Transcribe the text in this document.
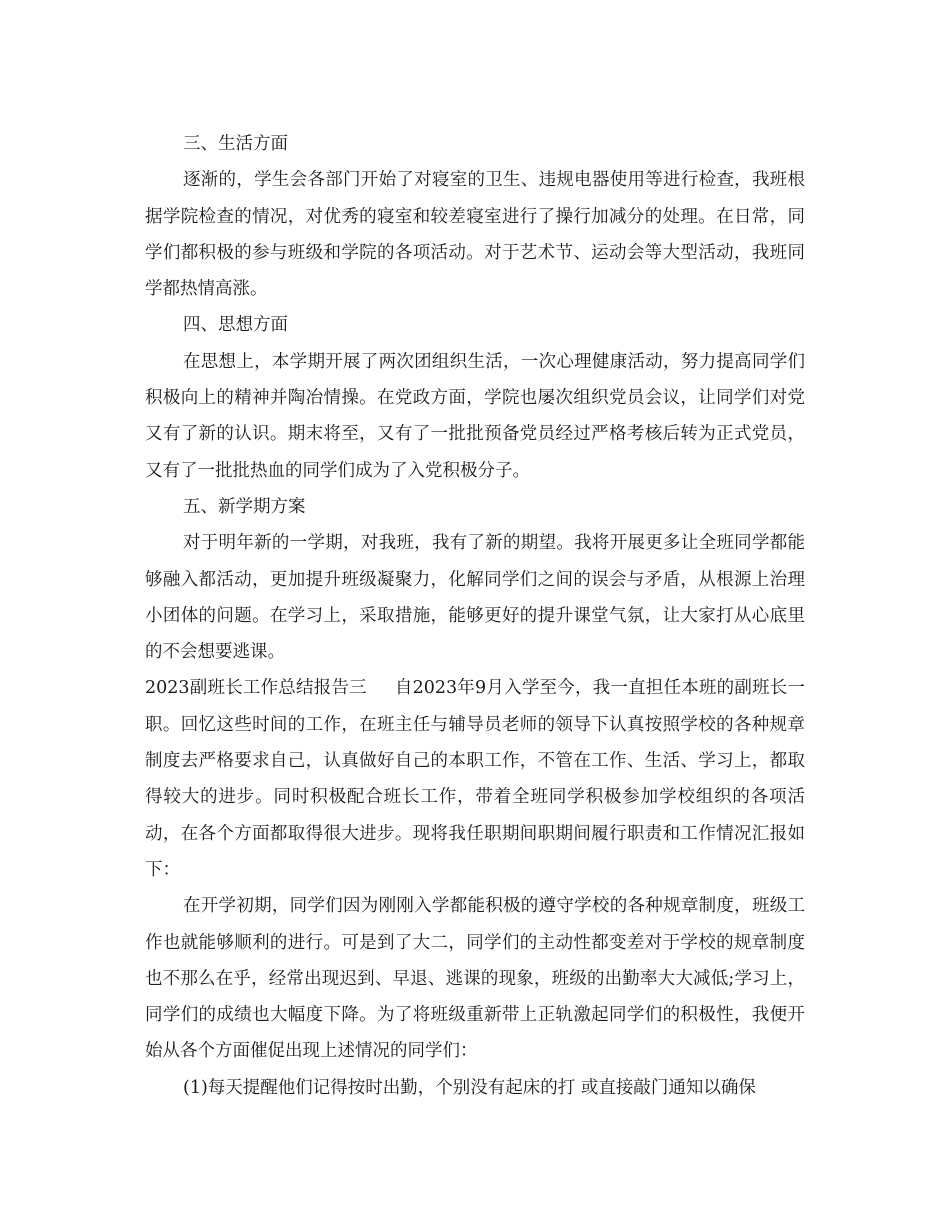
三、生活方面

逐渐的，学生会各部门开始了对寝室的卫生、违规电器使用等进行检查，我班根据学院检查的情况，对优秀的寝室和较差寝室进行了操行加减分的处理。在日常，同学们都积极的参与班级和学院的各项活动。对于艺术节、运动会等大型活动，我班同学都热情高涨。

四、思想方面

在思想上，本学期开展了两次团组织生活，一次心理健康活动，努力提高同学们积极向上的精神并陶冶情操。在党政方面，学院也屡次组织党员会议，让同学们对党又有了新的认识。期末将至，又有了一批批预备党员经过严格考核后转为正式党员，又有了一批批热血的同学们成为了入党积极分子。

五、新学期方案

对于明年新的一学期，对我班，我有了新的期望。我将开展更多让全班同学都能够融入都活动，更加提升班级凝聚力，化解同学们之间的误会与矛盾，从根源上治理小团体的问题。在学习上，采取措施，能够更好的提升课堂气氛，让大家打从心底里的不会想要逃课。

2023副班长工作总结报告三 自2023年9月入学至今，我一直担任本班的副班长一职。回忆这些时间的工作，在班主任与辅导员老师的领导下认真按照学校的各种规章制度去严格要求自己，认真做好自己的本职工作，不管在工作、生活、学习上，都取得较大的进步。同时积极配合班长工作，带着全班同学积极参加学校组织的各项活动，在各个方面都取得很大进步。现将我任职期间职期间履行职责和工作情况汇报如下：

在开学初期，同学们因为刚刚入学都能积极的遵守学校的各种规章制度，班级工作也就能够顺利的进行。可是到了大二，同学们的主动性都变差对于学校的规章制度也不那么在乎，经常出现迟到、早退、逃课的现象，班级的出勤率大大减低;学习上，同学们的成绩也大幅度下降。为了将班级重新带上正轨激起同学们的积极性，我便开始从各个方面催促出现上述情况的同学们：

(1)每天提醒他们记得按时出勤，个别没有起床的打 或直接敲门通知以确保
